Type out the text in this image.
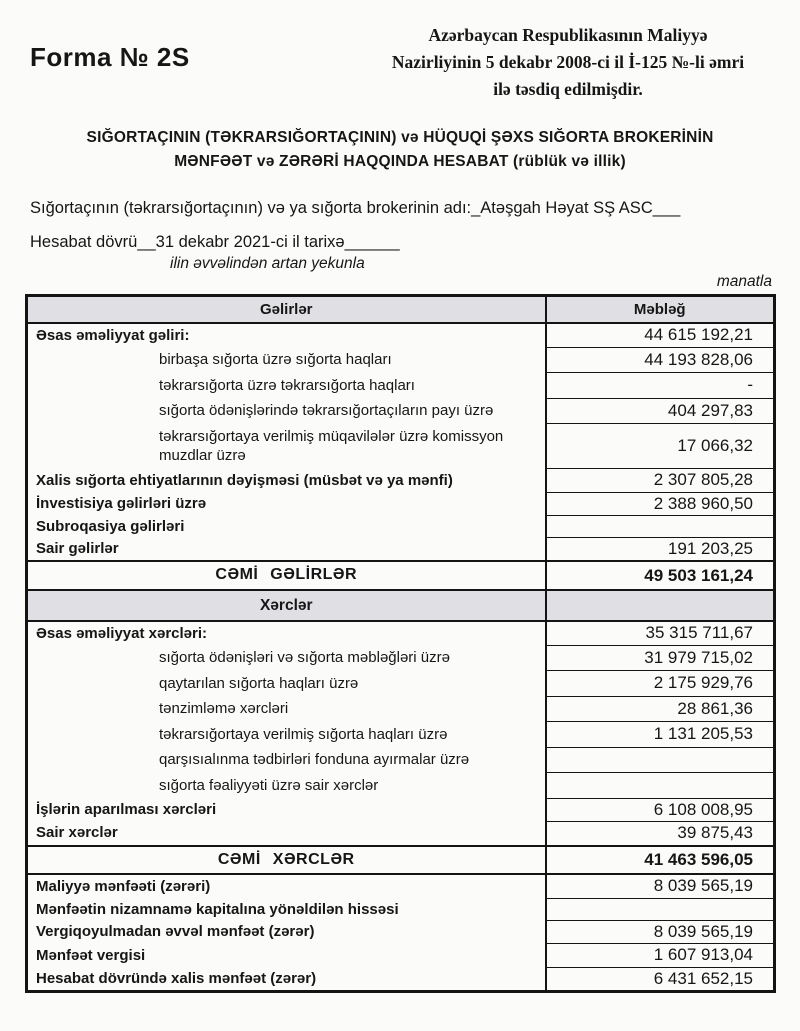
Forma № 2S
Azərbaycan Respublikasının Maliyyə
Nazirliyinin 5 dekabr 2008-ci il İ-125 №-li əmri
ilə təsdiq edilmişdir.
SIĞORTAÇININ (TƏKRARSIĞORTAÇININ) və HÜQUQİ ŞƏXS SIĞORTA BROKERİNİN
MƏNFƏƏT və ZƏRƏRİ HAQQINDA HESABAT (rüblük və illik)
Sığortaçının (təkrarsığortaçının) və ya sığorta brokerinin adı:_Atəşgah Həyat SŞ ASC___
Hesabat dövrü__31 dekabr 2021-ci il tarixə______
ilin əvvəlindən artan yekunla
manatla
Gəlirlər	Məbləğ
Əsas əməliyyat gəliri:	44 615 192,21
birbaşa sığorta üzrə sığorta haqları	44 193 828,06
təkrarsığorta üzrə təkrarsığorta haqları	-
sığorta ödənişlərində təkrarsığortaçıların payı üzrə	404 297,83
təkrarsığortaya verilmiş müqavilələr üzrə komissyon muzdlar üzrə	17 066,32
Xalis sığorta ehtiyatlarının dəyişməsi (müsbət və ya mənfi)	2 307 805,28
İnvestisiya gəlirləri üzrə	2 388 960,50
Subroqasiya gəlirləri	
Sair gəlirlər	191 203,25
CƏMİ GƏLİRLƏR	49 503 161,24
Xərclər	
Əsas əməliyyat xərcləri:	35 315 711,67
sığorta ödənişləri və sığorta məbləğləri üzrə	31 979 715,02
qaytarılan sığorta haqları üzrə	2 175 929,76
tənzimləmə xərcləri	28 861,36
təkrarsığortaya verilmiş sığorta haqları üzrə	1 131 205,53
qarşısıalınma tədbirləri fonduna ayırmalar üzrə	
sığorta fəaliyyəti üzrə sair xərclər	
İşlərin aparılması xərcləri	6 108 008,95
Sair xərclər	39 875,43
CƏMİ XƏRCLƏR	41 463 596,05
Maliyyə mənfəəti (zərəri)	8 039 565,19
Mənfəətin nizamnamə kapitalına yönəldilən hissəsi	
Vergiqoyulmadan əvvəl mənfəət (zərər)	8 039 565,19
Mənfəət vergisi	1 607 913,04
Hesabat dövründə xalis mənfəət (zərər)	6 431 652,15
